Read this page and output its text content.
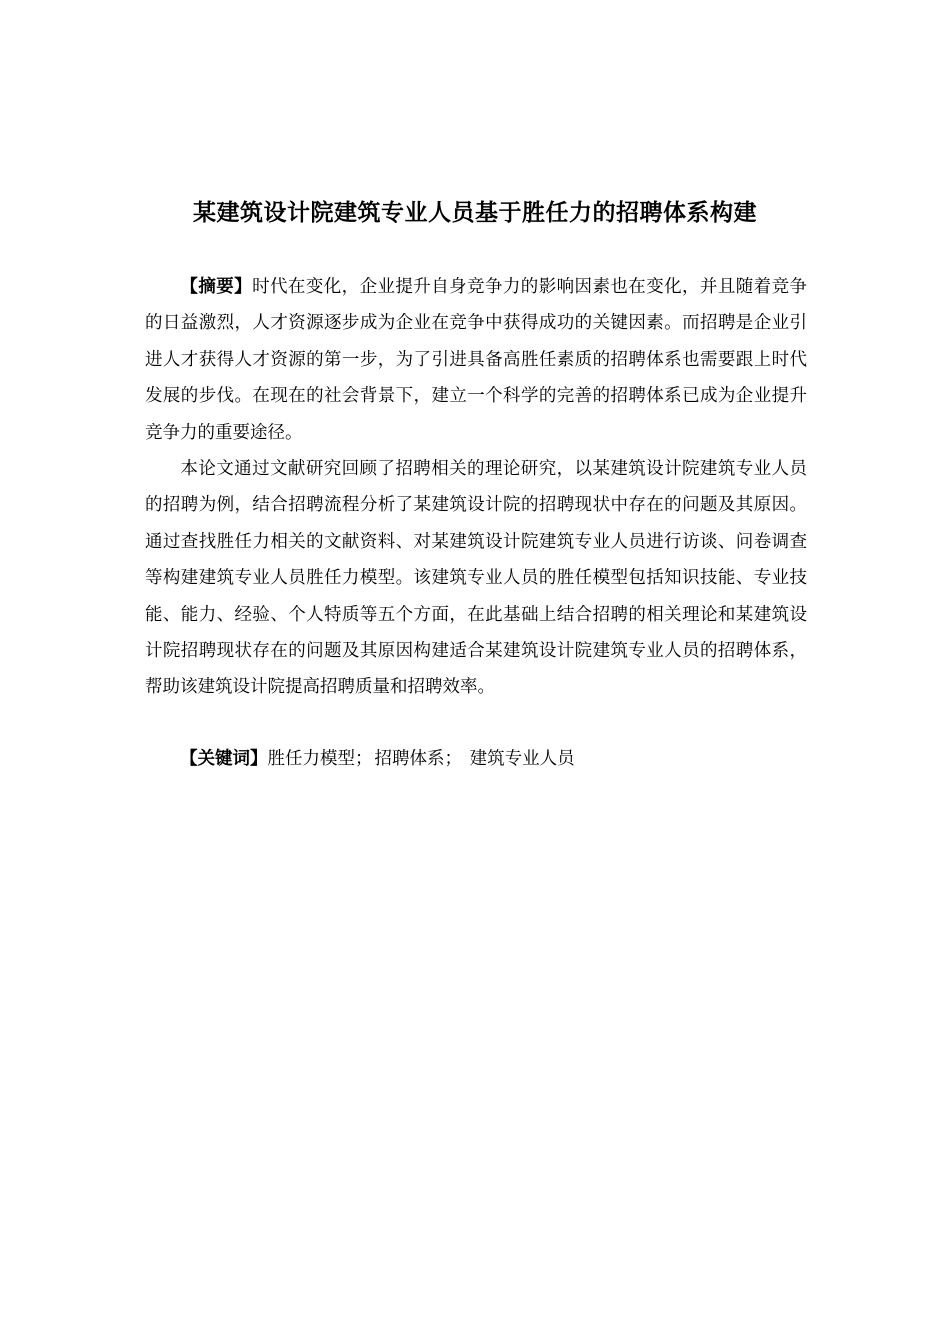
某建筑设计院建筑专业人员基于胜任力的招聘体系构建

【摘要】时代在变化，企业提升自身竞争力的影响因素也在变化，并且随着竞争的日益激烈，人才资源逐步成为企业在竞争中获得成功的关键因素。而招聘是企业引进人才获得人才资源的第一步，为了引进具备高胜任素质的招聘体系也需要跟上时代发展的步伐。在现在的社会背景下，建立一个科学的完善的招聘体系已成为企业提升竞争力的重要途径。

本论文通过文献研究回顾了招聘相关的理论研究，以某建筑设计院建筑专业人员的招聘为例，结合招聘流程分析了某建筑设计院的招聘现状中存在的问题及其原因。通过查找胜任力相关的文献资料、对某建筑设计院建筑专业人员进行访谈、问卷调查等构建建筑专业人员胜任力模型。该建筑专业人员的胜任模型包括知识技能、专业技能、能力、经验、个人特质等五个方面，在此基础上结合招聘的相关理论和某建筑设计院招聘现状存在的问题及其原因构建适合某建筑设计院建筑专业人员的招聘体系，帮助该建筑设计院提高招聘质量和招聘效率。

【关键词】胜任力模型； 招聘体系； 建筑专业人员
